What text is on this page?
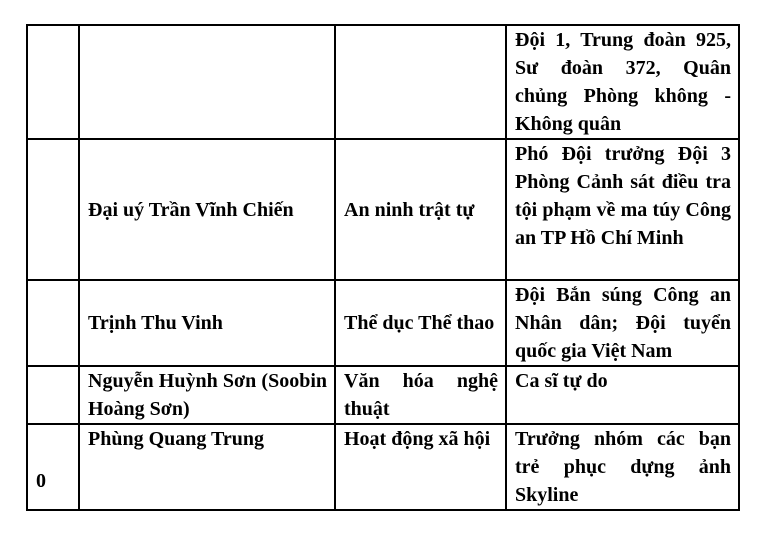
			Đội 1, Trung đoàn 925, Sư đoàn 372, Quân chủng Phòng không - Không quân
	Đại uý Trần Vĩnh Chiến	An ninh trật tự	Phó Đội trưởng Đội 3 Phòng Cảnh sát điều tra tội phạm về ma túy Công an TP Hồ Chí Minh
	Trịnh Thu Vinh	Thể dục Thể thao	Đội Bắn súng Công an Nhân dân; Đội tuyển quốc gia Việt Nam
	Nguyễn Huỳnh Sơn (Soobin Hoàng Sơn)	Văn hóa nghệ thuật	Ca sĩ tự do
0	Phùng Quang Trung	Hoạt động xã hội	Trưởng nhóm các bạn trẻ phục dựng ảnh Skyline
